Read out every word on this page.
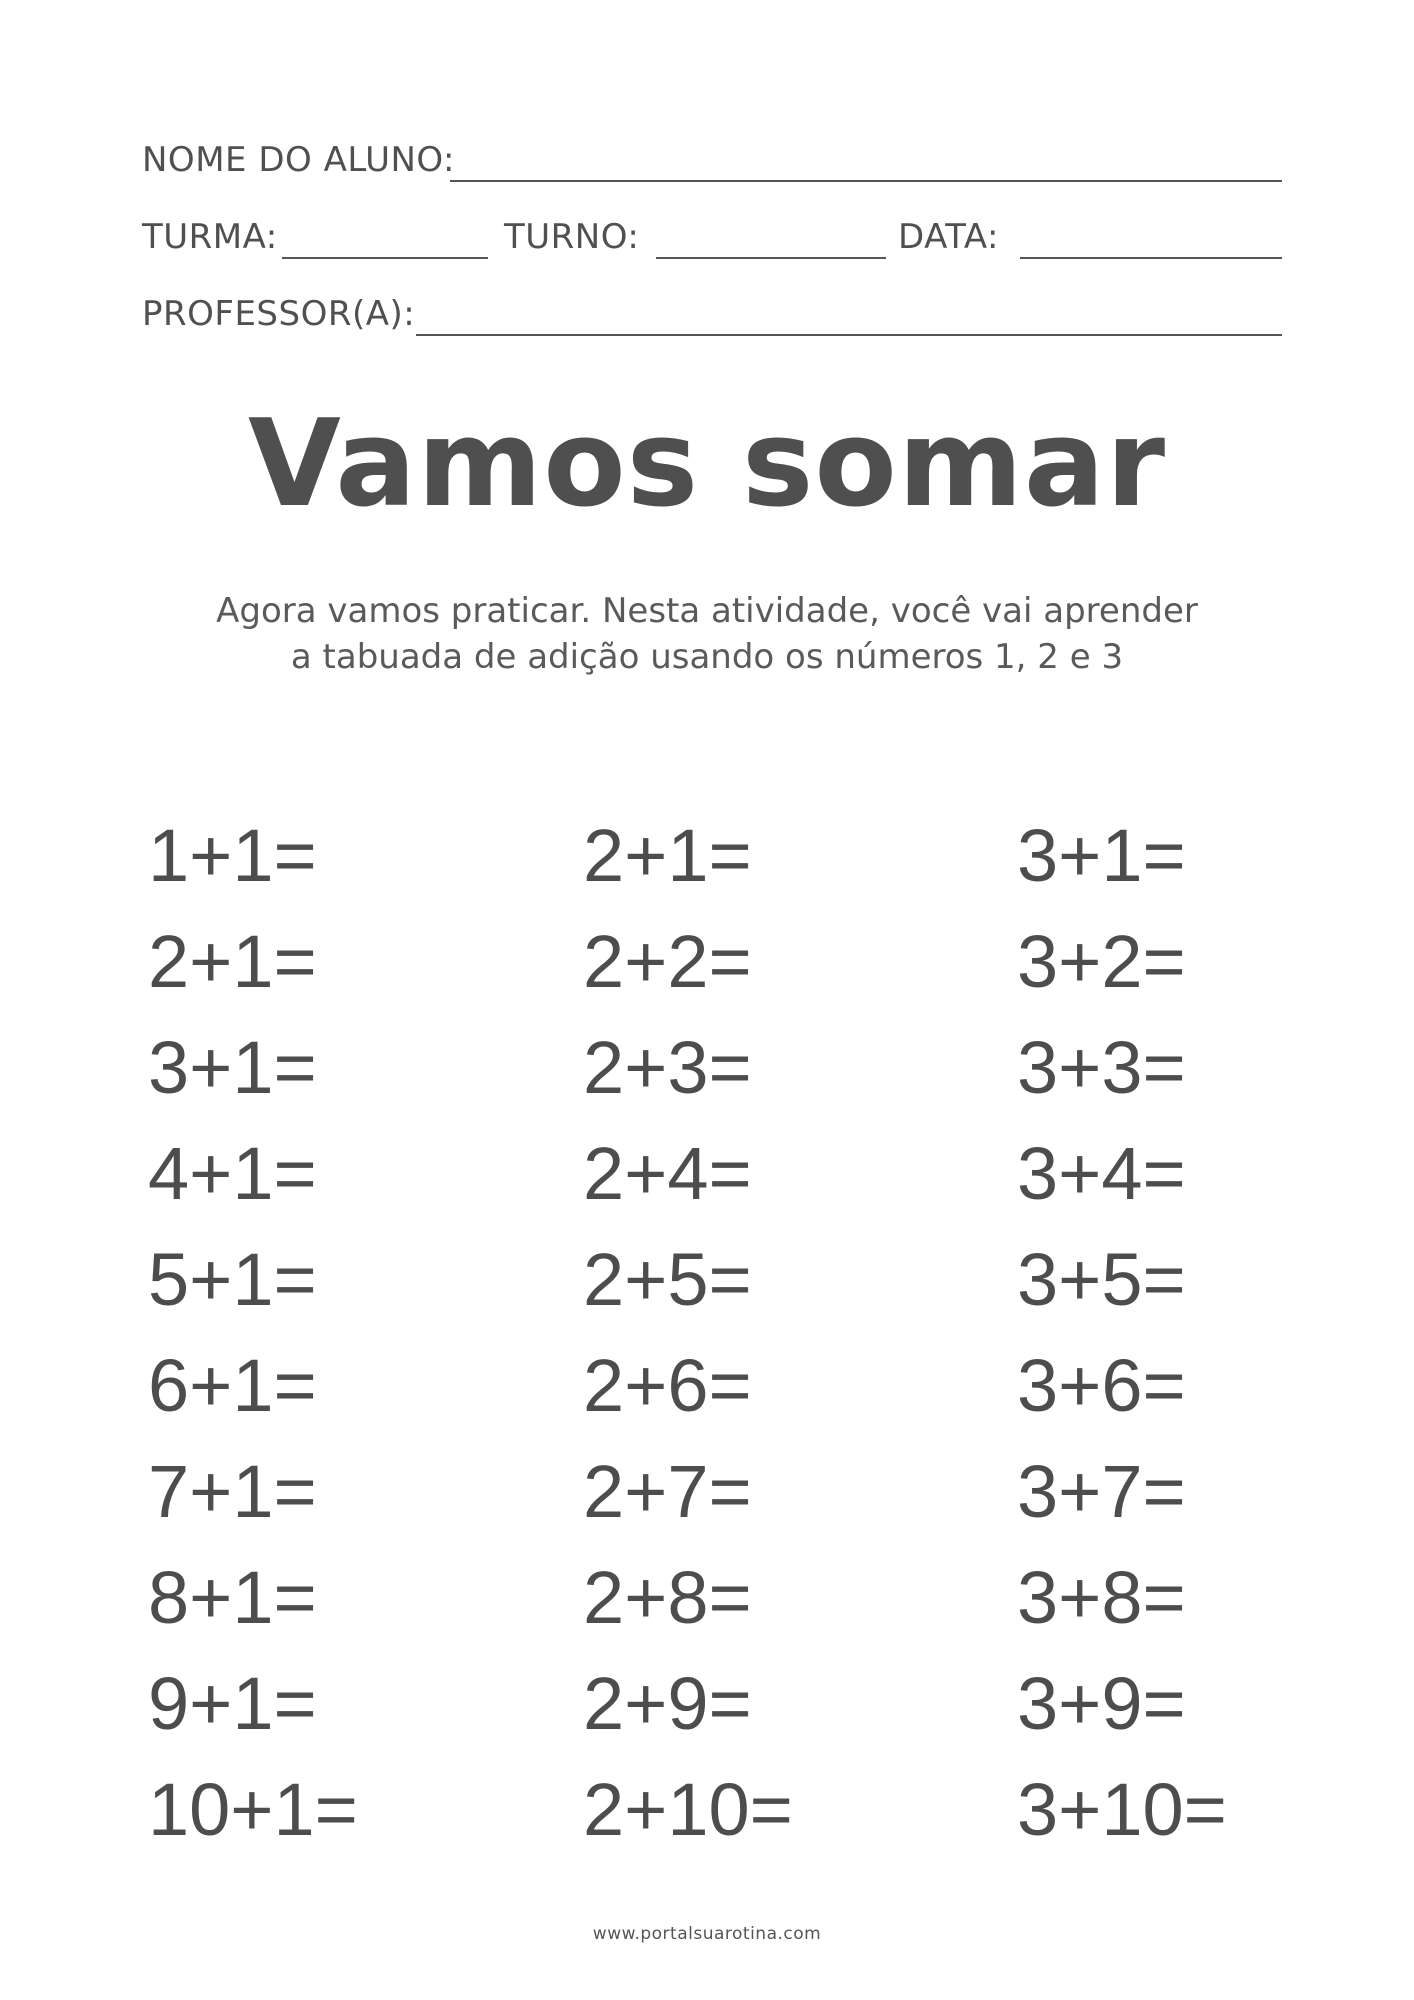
NOME DO ALUNO:
TURMA:	TURNO:	DATA:
PROFESSOR(A):
Vamos somar
Agora vamos praticar. Nesta atividade, você vai aprender
a tabuada de adição usando os números 1, 2 e 3
1+1=
2+1=
3+1=
4+1=
5+1=
6+1=
7+1=
8+1=
9+1=
10+1=
2+1=
2+2=
2+3=
2+4=
2+5=
2+6=
2+7=
2+8=
2+9=
2+10=
3+1=
3+2=
3+3=
3+4=
3+5=
3+6=
3+7=
3+8=
3+9=
3+10=
www.portalsuarotina.com
